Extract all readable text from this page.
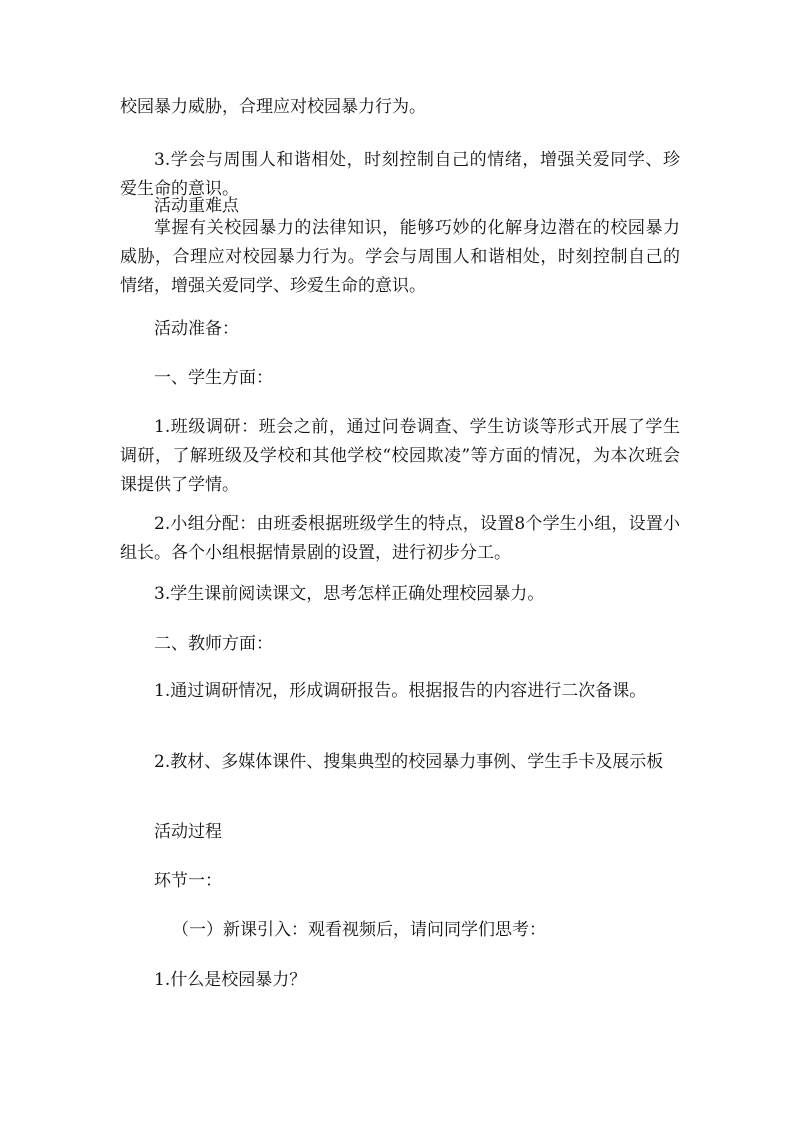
校园暴力威胁，合理应对校园暴力行为。

3.学会与周围人和谐相处，时刻控制自己的情绪，增强关爱同学、珍爱生命的意识。

活动重难点

掌握有关校园暴力的法律知识，能够巧妙的化解身边潜在的校园暴力威胁，合理应对校园暴力行为。学会与周围人和谐相处，时刻控制自己的情绪，增强关爱同学、珍爱生命的意识。

活动准备：

一、学生方面：

1.班级调研：班会之前，通过问卷调查、学生访谈等形式开展了学生调研，了解班级及学校和其他学校“校园欺凌”等方面的情况，为本次班会课提供了学情。

2.小组分配：由班委根据班级学生的特点，设置8个学生小组，设置小组长。各个小组根据情景剧的设置，进行初步分工。

3.学生课前阅读课文，思考怎样正确处理校园暴力。

二、教师方面：

1.通过调研情况，形成调研报告。根据报告的内容进行二次备课。

2.教材、多媒体课件、搜集典型的校园暴力事例、学生手卡及展示板

活动过程

环节一：

（一）新课引入：观看视频后，请问同学们思考：

1.什么是校园暴力？
